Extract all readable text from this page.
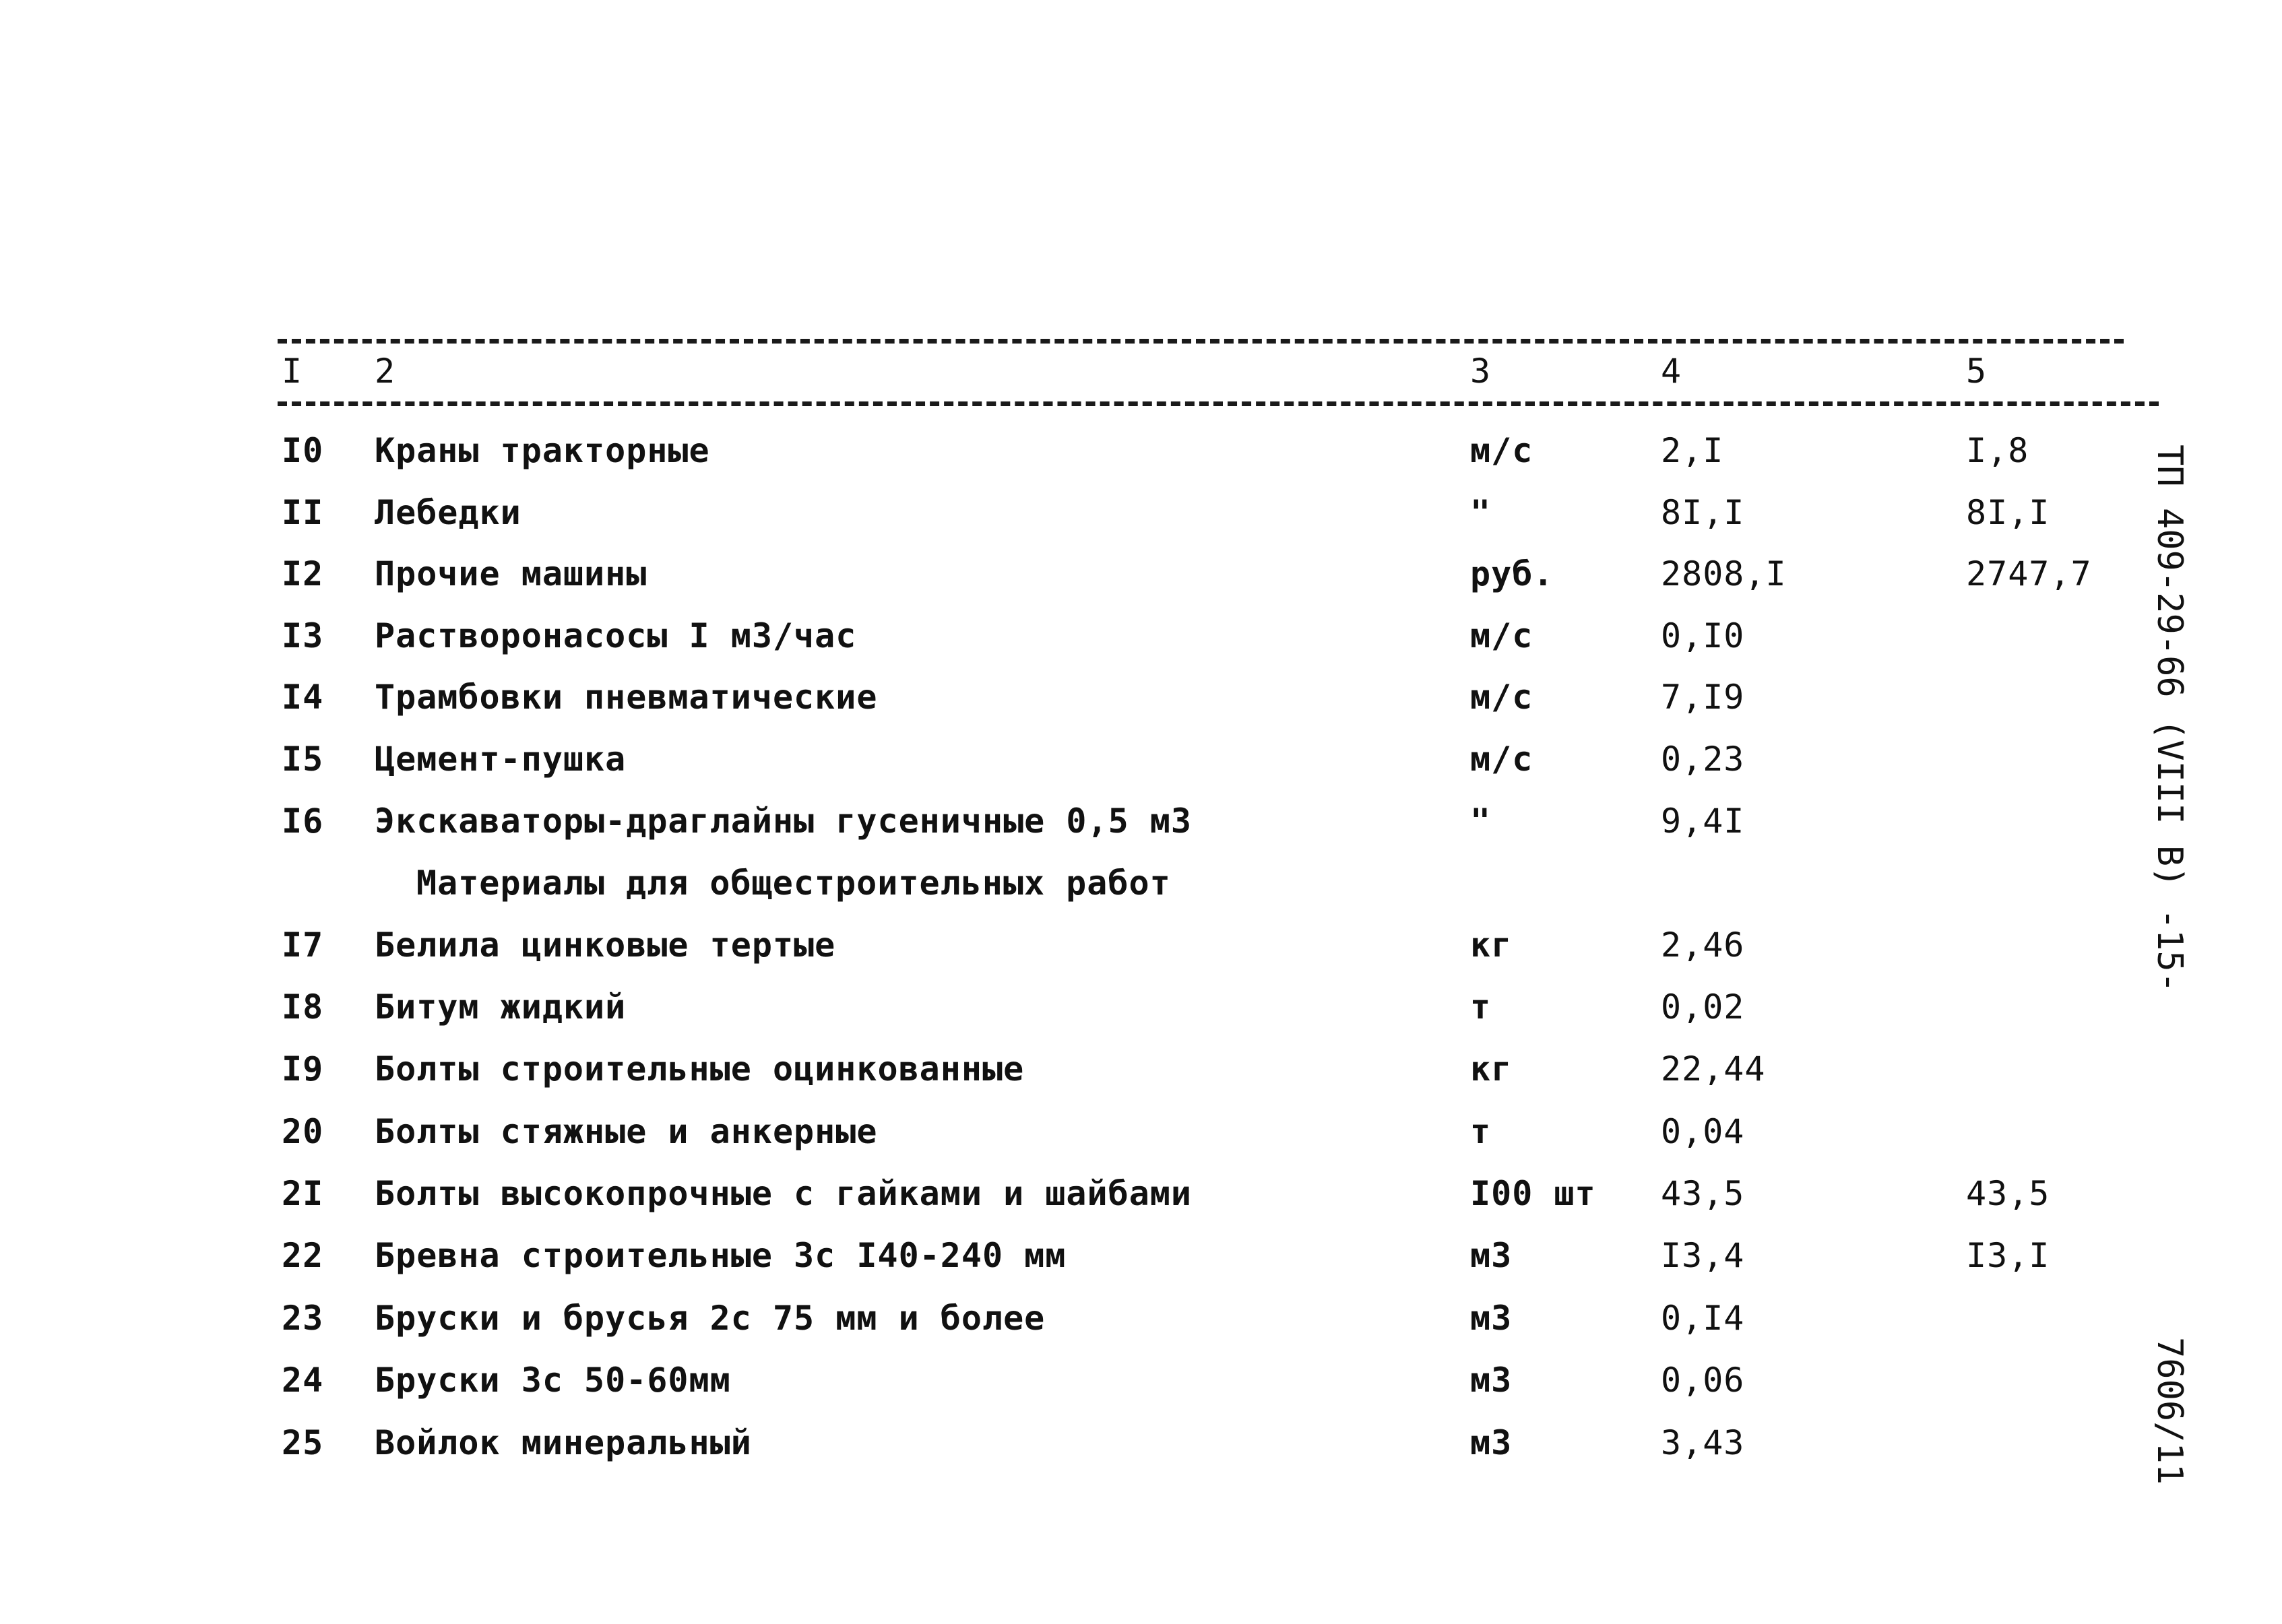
I 2	3	4	5
I0 Краны тракторные	м/с	2,I	I,8
II Лебедки	"	8I,I	8I,I
I2 Прочие машины	руб.	2808,I	2747,7
I3 Растворонасосы I м3/час	м/с	0,I0
I4 Трамбовки пневматические	м/с	7,I9
I5 Цемент-пушка	м/с	0,23
I6 Экскаваторы-драглайны гусеничные 0,5 м3	"	9,4I
Материалы для общестроительных работ
I7 Белила цинковые тертые	кг	2,46
I8 Битум жидкий	т	0,02
I9 Болты строительные оцинкованные	кг	22,44
20 Болты стяжные и анкерные	т	0,04
2I Болты высокопрочные с гайками и шайбами	I00 шт 43,5	43,5
22 Бревна строительные 3с I40-240 мм	м3	I3,4	I3,I
23 Бруски и брусья 2с 75 мм и более	м3	0,I4
24 Бруски 3с 50-60мм	м3	0,06
25 Войлок минеральный	м3	3,43
ТП 409-29-66 (VIII В) -15-
7606/11
